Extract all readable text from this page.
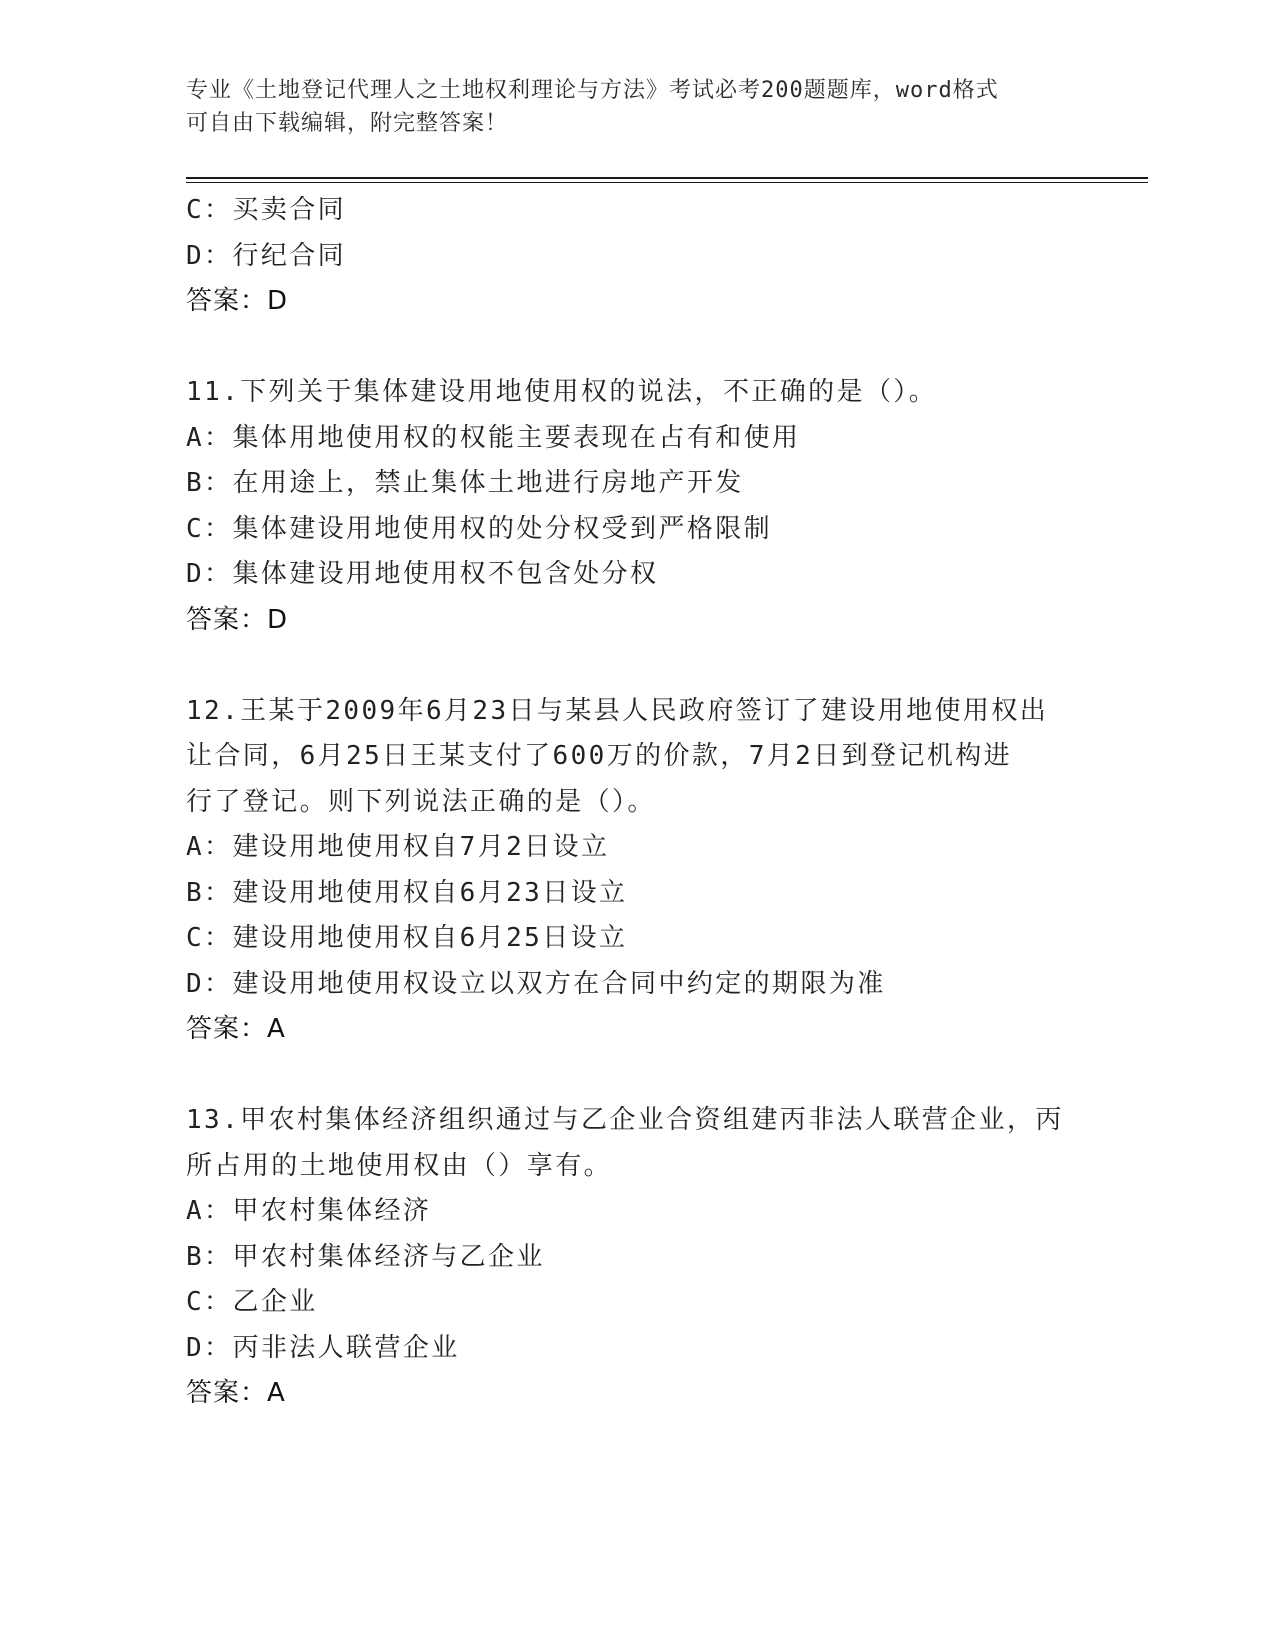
专业《土地登记代理人之土地权利理论与方法》考试必考200题题库，word格式
可自由下载编辑，附完整答案！
C：买卖合同
D：行纪合同
答案：D
11.下列关于集体建设用地使用权的说法，不正确的是（）。
A：集体用地使用权的权能主要表现在占有和使用
B：在用途上，禁止集体土地进行房地产开发
C：集体建设用地使用权的处分权受到严格限制
D：集体建设用地使用权不包含处分权
答案：D
12.王某于2009年6月23日与某县人民政府签订了建设用地使用权出
让合同，6月25日王某支付了600万的价款，7月2日到登记机构进
行了登记。则下列说法正确的是（）。
A：建设用地使用权自7月2日设立
B：建设用地使用权自6月23日设立
C：建设用地使用权自6月25日设立
D：建设用地使用权设立以双方在合同中约定的期限为准
答案：A
13.甲农村集体经济组织通过与乙企业合资组建丙非法人联营企业，丙
所占用的土地使用权由（）享有。
A：甲农村集体经济
B：甲农村集体经济与乙企业
C：乙企业
D：丙非法人联营企业
答案：A
